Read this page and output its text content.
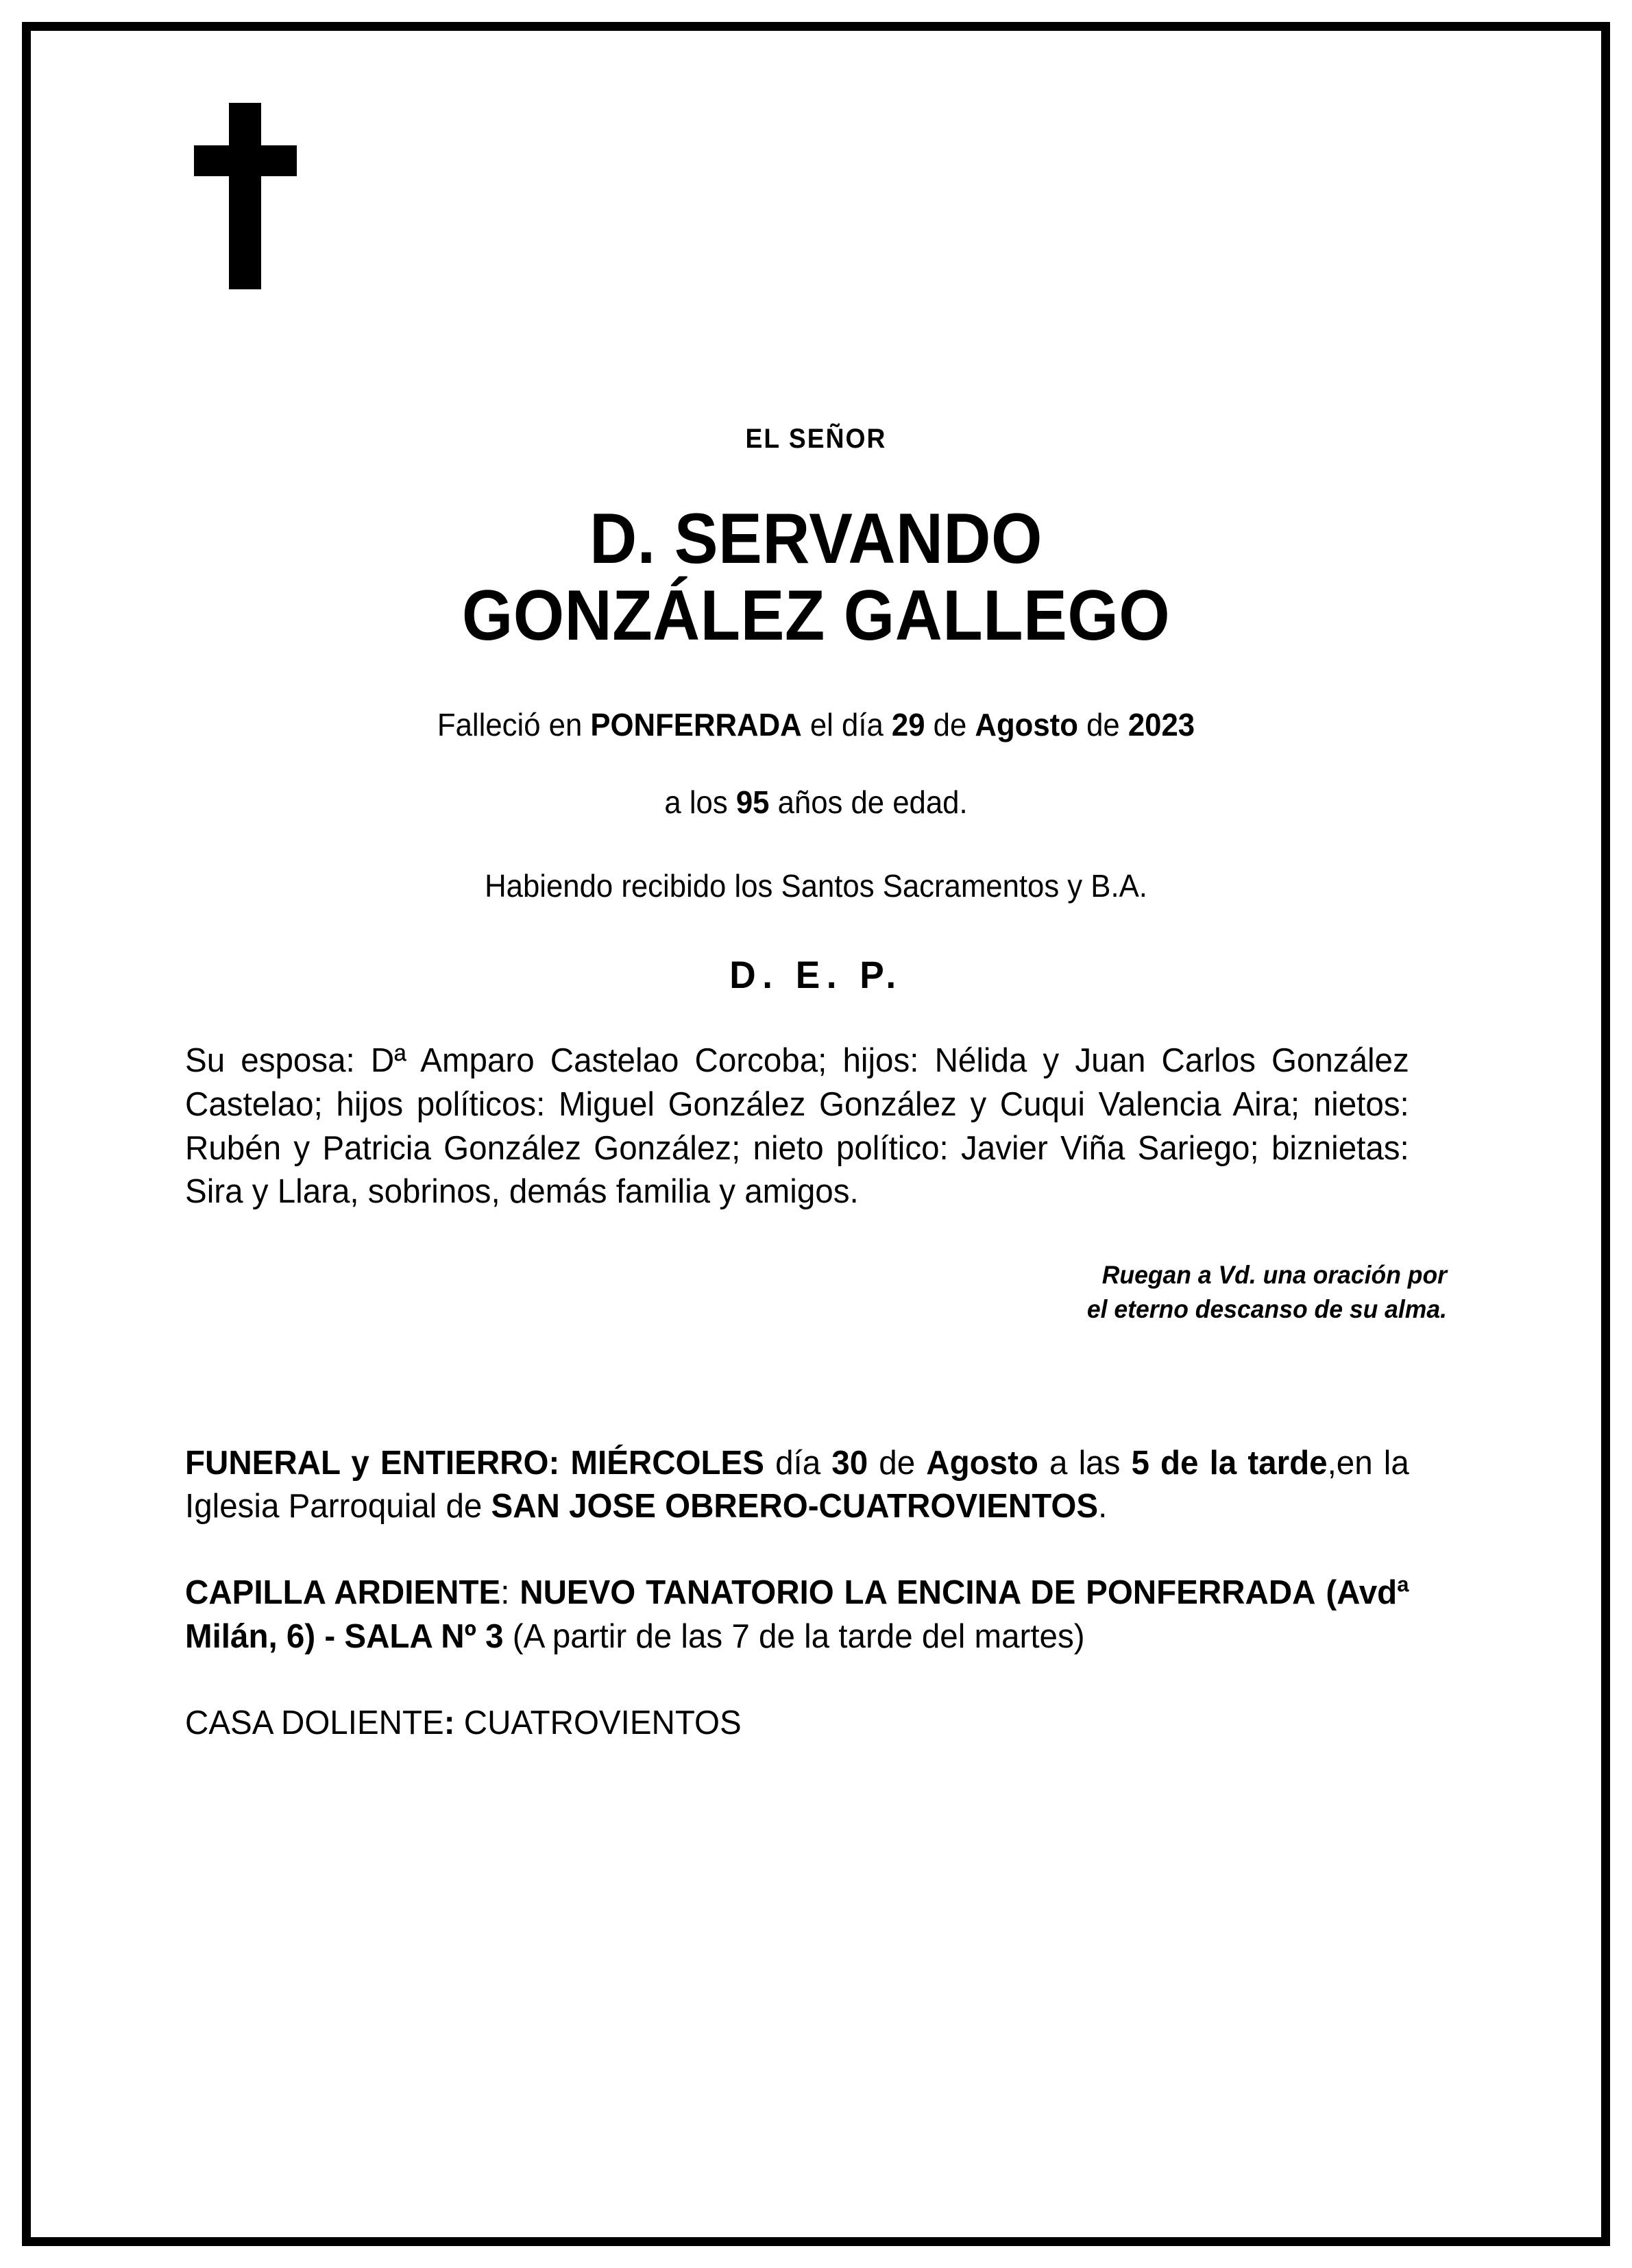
EL SEÑOR
D. SERVANDO
GONZÁLEZ GALLEGO

Falleció en PONFERRADA el día 29 de Agosto de 2023

a los 95 años de edad.

Habiendo recibido los Santos Sacramentos y B.A.

D. E. P.

Su esposa: Dª Amparo Castelao Corcoba; hijos: Nélida y Juan Carlos González Castelao; hijos políticos: Miguel González González y Cuqui Valencia Aira; nietos: Rubén y Patricia González González; nieto político: Javier Viña Sariego; biznietas: Sira y Llara, sobrinos, demás familia y amigos.

Ruegan a Vd. una oración por
el eterno descanso de su alma.

FUNERAL y ENTIERRO: MIÉRCOLES día 30 de Agosto a las 5 de la tarde,en la Iglesia Parroquial de SAN JOSE OBRERO-CUATROVIENTOS.

CAPILLA ARDIENTE: NUEVO TANATORIO LA ENCINA DE PONFERRADA (Avdª Milán, 6) - SALA Nº 3 (A partir de las 7 de la tarde del martes)

CASA DOLIENTE: CUATROVIENTOS
